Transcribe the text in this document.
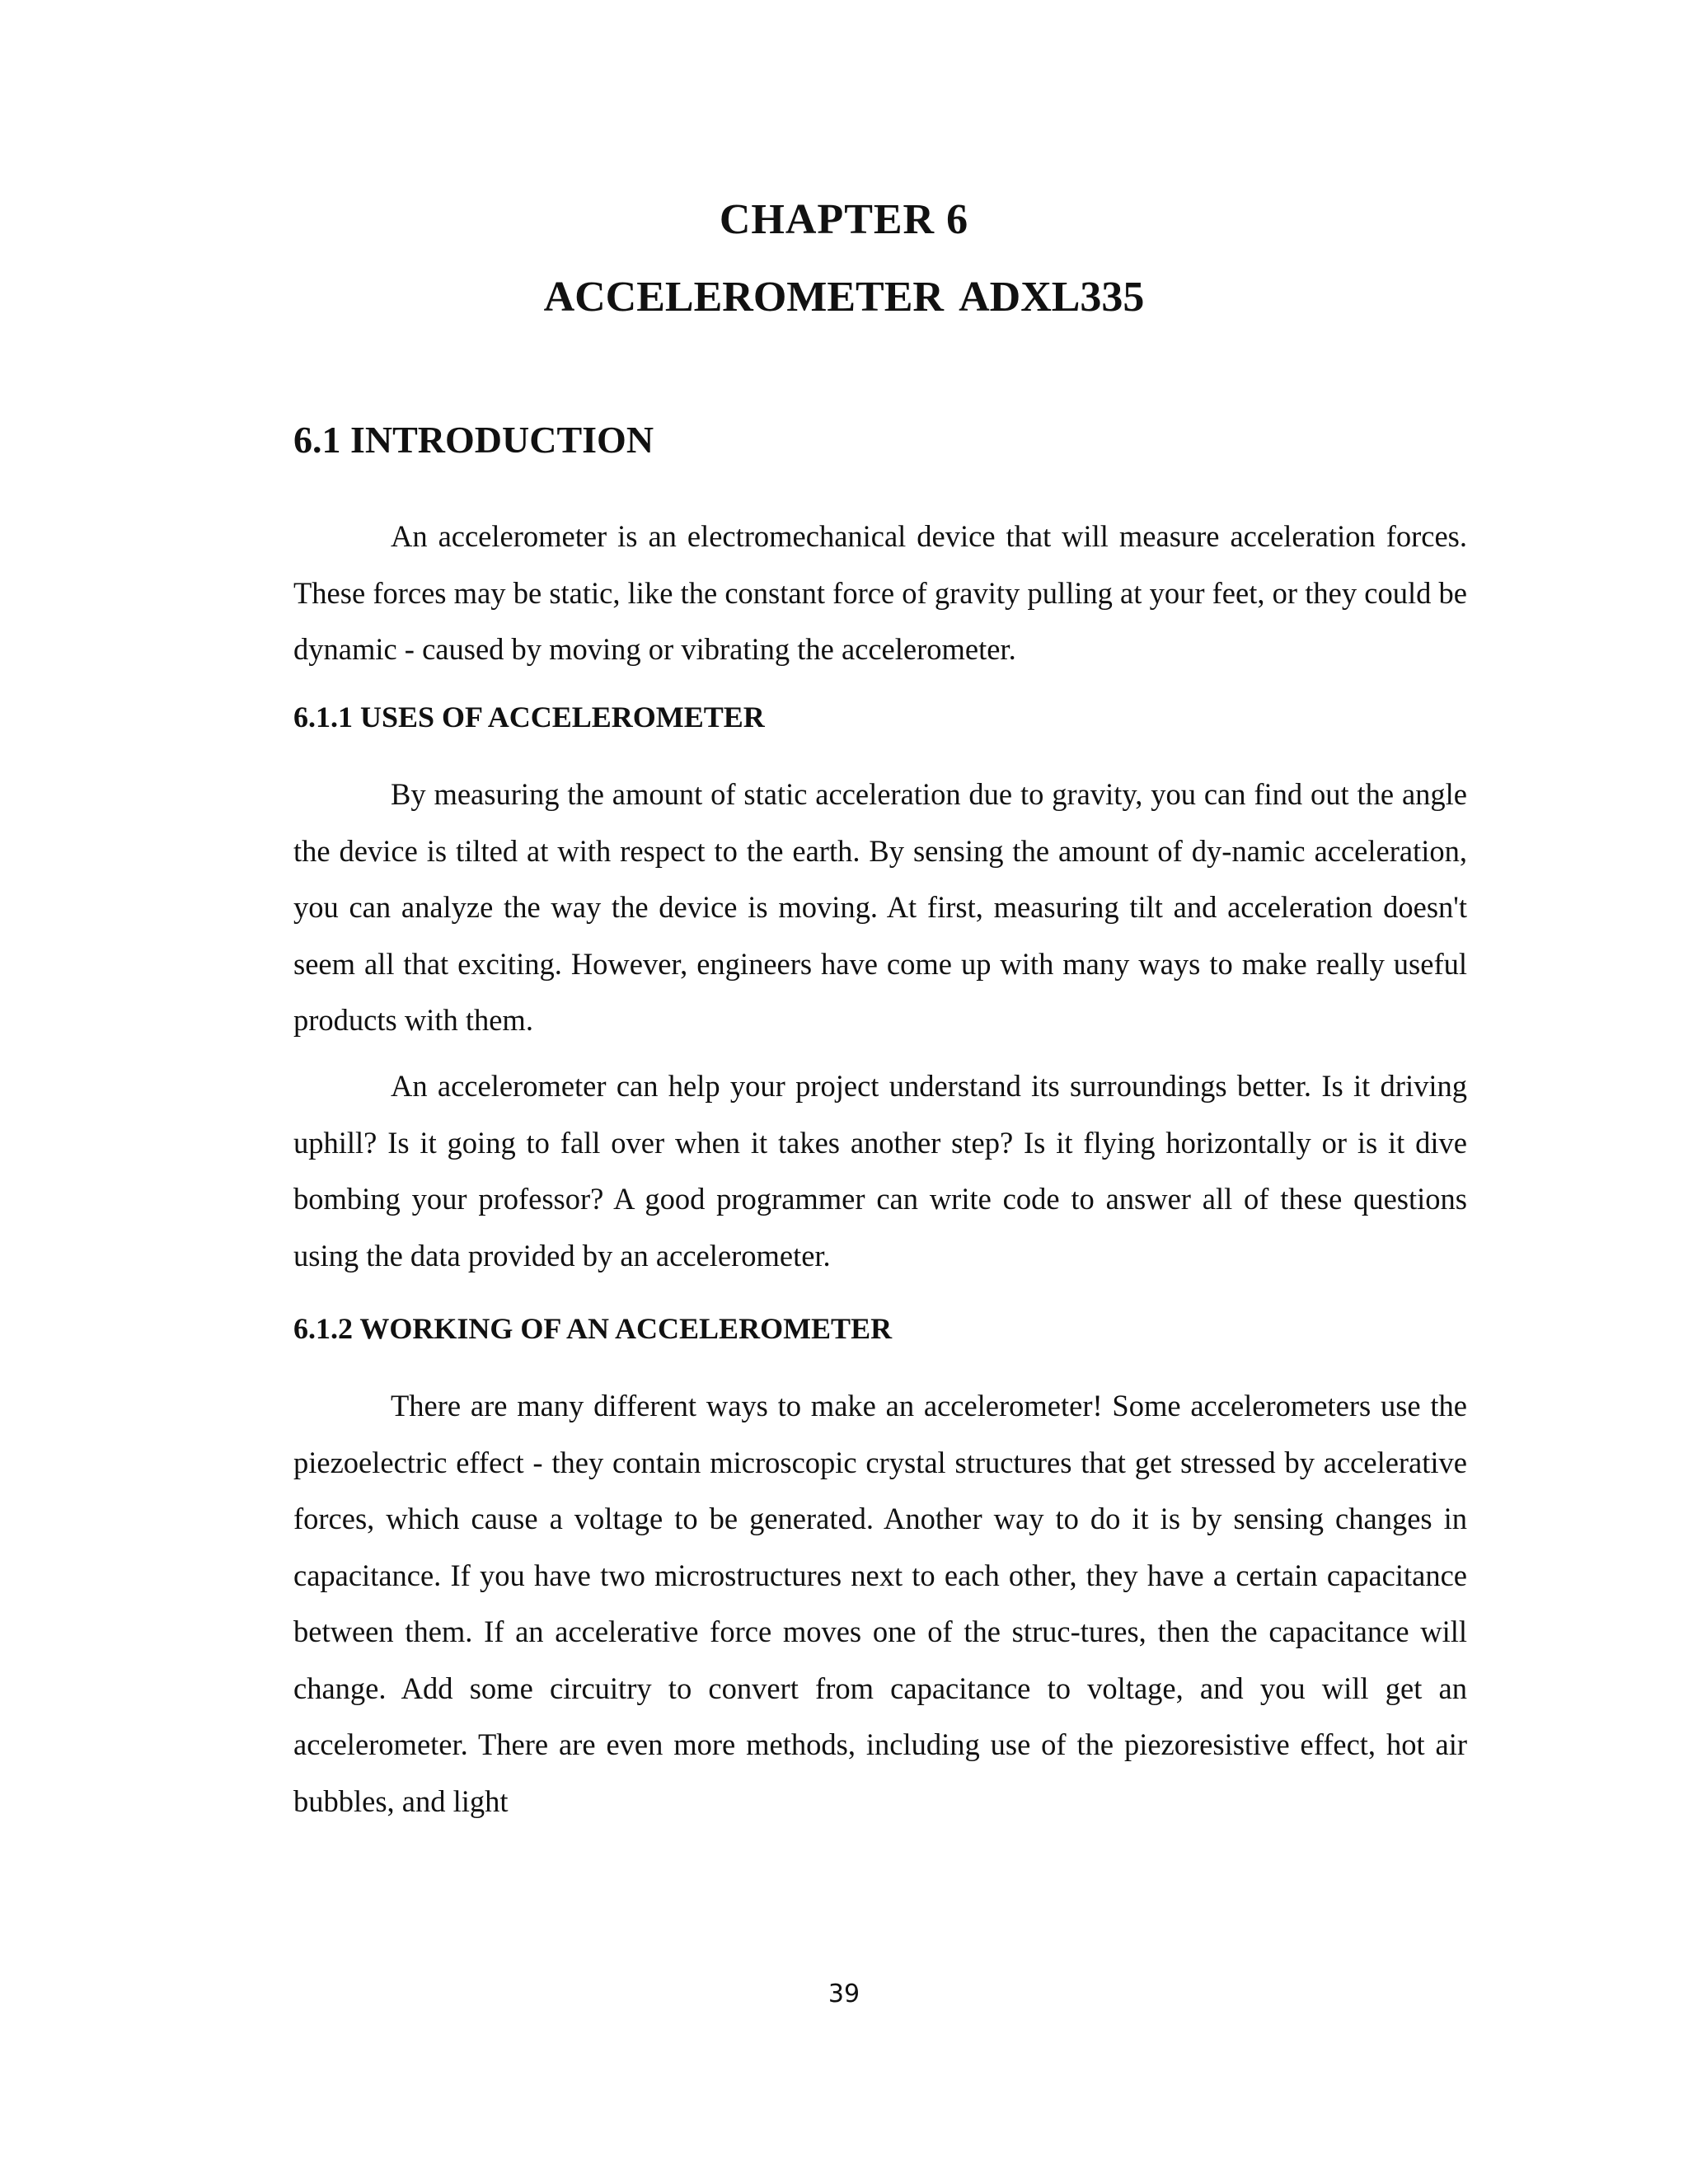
CHAPTER 6
ACCELEROMETER ADXL335
6.1 INTRODUCTION

An accelerometer is an electromechanical device that will measure acceleration forces. These forces may be static, like the constant force of gravity pulling at your feet, or they could be dynamic - caused by moving or vibrating the accelerometer.

6.1.1 USES OF ACCELEROMETER

By measuring the amount of static acceleration due to gravity, you can find out the angle the device is tilted at with respect to the earth. By sensing the amount of dy-namic acceleration, you can analyze the way the device is moving. At first, measuring tilt and acceleration doesn't seem all that exciting. However, engineers have come up with many ways to make really useful products with them.

An accelerometer can help your project understand its surroundings better. Is it driving uphill? Is it going to fall over when it takes another step? Is it flying horizontally or is it dive bombing your professor? A good programmer can write code to answer all of these questions using the data provided by an accelerometer.

6.1.2 WORKING OF AN ACCELEROMETER

There are many different ways to make an accelerometer! Some accelerometers use the piezoelectric effect - they contain microscopic crystal structures that get stressed by accelerative forces, which cause a voltage to be generated. Another way to do it is by sensing changes in capacitance. If you have two microstructures next to each other, they have a certain capacitance between them. If an accelerative force moves one of the struc-tures, then the capacitance will change. Add some circuitry to convert from capacitance to voltage, and you will get an accelerometer. There are even more methods, including use of the piezoresistive effect, hot air bubbles, and light

39
